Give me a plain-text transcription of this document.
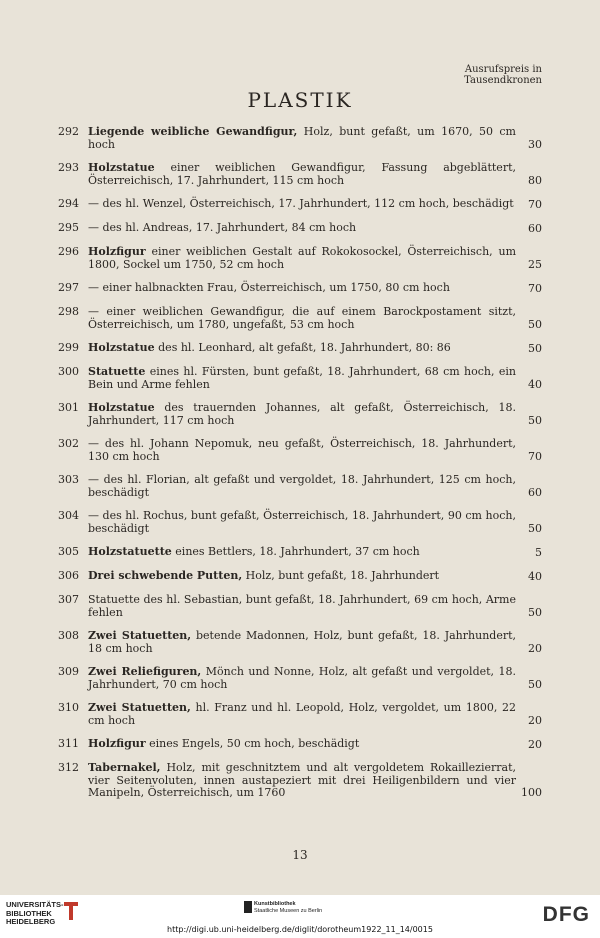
Ausrufspreis in
Tausendkronen
PLASTIK
292 Liegende weibliche Gewandfigur, Holz, bunt gefaßt, um 1670, 50 cm hoch	30
293 Holzstatue einer weiblichen Gewandfigur, Fassung abgeblättert, Österreichisch, 17. Jahrhundert, 115 cm hoch	80
294 — des hl. Wenzel, Österreichisch, 17. Jahrhundert, 112 cm hoch, beschädigt 70
295 — des hl. Andreas, 17. Jahrhundert, 84 cm hoch	60
296 Holzfigur einer weiblichen Gestalt auf Rokokosockel, Österreichisch, um 1800, Sockel um 1750, 52 cm hoch	25
297 — einer halbnackten Frau, Österreichisch, um 1750, 80 cm hoch	70
298 — einer weiblichen Gewandfigur, die auf einem Barockpostament sitzt, Österreichisch, um 1780, ungefaßt, 53 cm hoch	50
299 Holzstatue des hl. Leonhard, alt gefaßt, 18. Jahrhundert, 80: 86	50
300 Statuette eines hl. Fürsten, bunt gefaßt, 18. Jahrhundert, 68 cm hoch, ein Bein und Arme fehlen	40
301 Holzstatue des trauernden Johannes, alt gefaßt, Österreichisch, 18. Jahrhundert, 117 cm hoch	50
302 — des hl. Johann Nepomuk, neu gefaßt, Österreichisch, 18. Jahrhundert, 130 cm hoch	70
303 — des hl. Florian, alt gefaßt und vergoldet, 18. Jahrhundert, 125 cm hoch, beschädigt	60
304 — des hl. Rochus, bunt gefaßt, Österreichisch, 18. Jahrhundert, 90 cm hoch, beschädigt	50
305 Holzstatuette eines Bettlers, 18. Jahrhundert, 37 cm hoch	5
306 Drei schwebende Putten, Holz, bunt gefaßt, 18. Jahrhundert	40
307 Statuette des hl. Sebastian, bunt gefaßt, 18. Jahrhundert, 69 cm hoch, Arme fehlen	50
308 Zwei Statuetten, betende Madonnen, Holz, bunt gefaßt, 18. Jahrhundert, 18 cm hoch	20
309 Zwei Reliefiguren, Mönch und Nonne, Holz, alt gefaßt und vergoldet, 18. Jahrhundert, 70 cm hoch	50
310 Zwei Statuetten, hl. Franz und hl. Leopold, Holz, vergoldet, um 1800, 22 cm hoch	20
311 Holzfigur eines Engels, 50 cm hoch, beschädigt	20
312 Tabernakel, Holz, mit geschnitztem und alt vergoldetem Rokaillezierrat, vier Seitenvoluten, innen austapeziert mit drei Heiligenbildern und vier Manipeln, Österreichisch, um 1760	100
13
UNIVERSITÄTS-
BIBLIOTHEK
HEIDELBERG
Kunstbibliothek
Staatliche Museen zu Berlin	DFG
http://digi.ub.uni-heidelberg.de/diglit/dorotheum1922_11_14/0015
